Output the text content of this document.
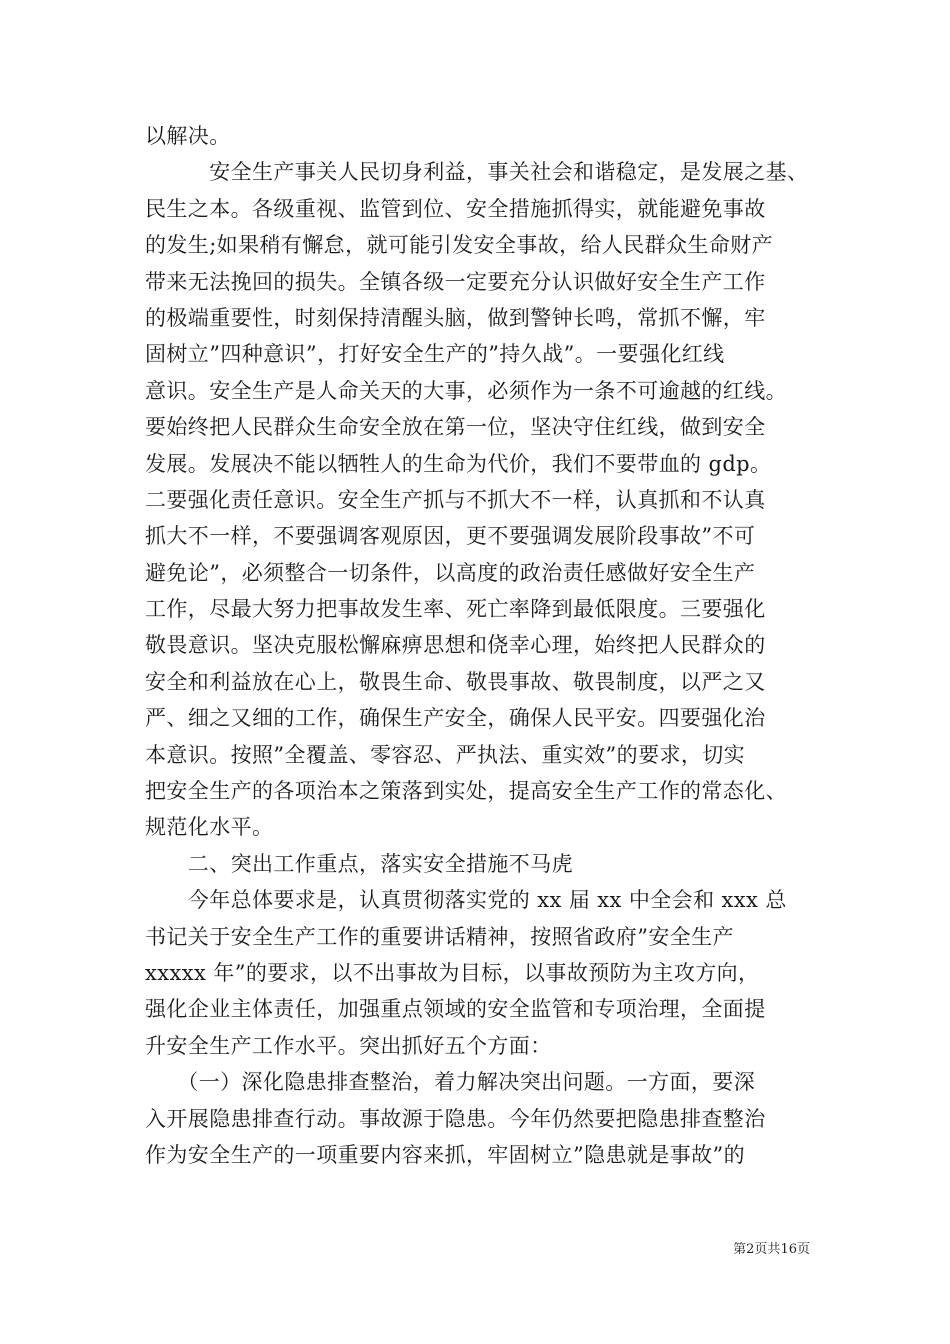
以解决。
　　　安全生产事关人民切身利益，事关社会和谐稳定，是发展之基、
民生之本。各级重视、监管到位、安全措施抓得实，就能避免事故
的发生;如果稍有懈怠，就可能引发安全事故，给人民群众生命财产
带来无法挽回的损失。全镇各级一定要充分认识做好安全生产工作
的极端重要性，时刻保持清醒头脑，做到警钟长鸣，常抓不懈，牢
固树立”四种意识”，打好安全生产的”持久战”。一要强化红线
意识。安全生产是人命关天的大事，必须作为一条不可逾越的红线。
要始终把人民群众生命安全放在第一位，坚决守住红线，做到安全
发展。发展决不能以牺牲人的生命为代价，我们不要带血的 gdp。
二要强化责任意识。安全生产抓与不抓大不一样，认真抓和不认真
抓大不一样，不要强调客观原因，更不要强调发展阶段事故”不可
避免论”，必须整合一切条件，以高度的政治责任感做好安全生产
工作，尽最大努力把事故发生率、死亡率降到最低限度。三要强化
敬畏意识。坚决克服松懈麻痹思想和侥幸心理，始终把人民群众的
安全和利益放在心上，敬畏生命、敬畏事故、敬畏制度，以严之又
严、细之又细的工作，确保生产安全，确保人民平安。四要强化治
本意识。按照”全覆盖、零容忍、严执法、重实效”的要求，切实
把安全生产的各项治本之策落到实处，提高安全生产工作的常态化、
规范化水平。
　　二、突出工作重点，落实安全措施不马虎
　　今年总体要求是，认真贯彻落实党的 xx 届 xx 中全会和 xxx 总
书记关于安全生产工作的重要讲话精神，按照省政府”安全生产
xxxxx 年”的要求，以不出事故为目标，以事故预防为主攻方向，
强化企业主体责任，加强重点领域的安全监管和专项治理，全面提
升安全生产工作水平。突出抓好五个方面：
　　（一）深化隐患排查整治，着力解决突出问题。一方面，要深
入开展隐患排查行动。事故源于隐患。今年仍然要把隐患排查整治
作为安全生产的一项重要内容来抓，牢固树立”隐患就是事故”的
第2页共16页
